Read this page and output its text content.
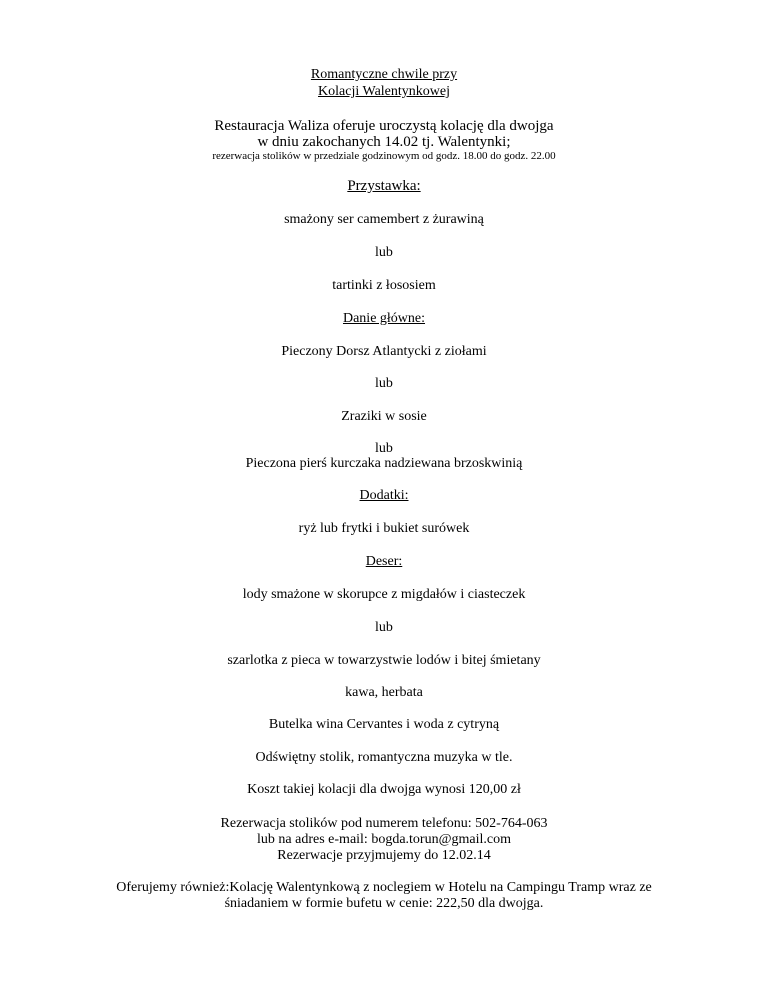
Romantyczne chwile przy
Kolacji Walentynkowej
Restauracja Waliza oferuje uroczystą kolację dla dwojga
w dniu zakochanych 14.02 tj. Walentynki;
rezerwacja stolików w przedziale godzinowym od godz. 18.00 do godz. 22.00
Przystawka:
smażony ser camembert z żurawiną
lub
tartinki z łososiem
Danie główne:
Pieczony Dorsz Atlantycki z ziołami
lub
Zraziki w sosie
lub
Pieczona pierś kurczaka nadziewana brzoskwinią
Dodatki:
ryż lub frytki i bukiet surówek
Deser:
lody smażone w skorupce z migdałów i ciasteczek
lub
szarlotka z pieca w towarzystwie lodów i bitej śmietany
kawa, herbata
Butelka wina Cervantes i woda z cytryną
Odświętny stolik, romantyczna muzyka w tle.
Koszt takiej kolacji dla dwojga wynosi 120,00 zł
Rezerwacja stolików pod numerem telefonu: 502-764-063
lub na adres e-mail: bogda.torun@gmail.com
Rezerwacje przyjmujemy do 12.02.14
Oferujemy również:Kolację Walentynkową z noclegiem w Hotelu na Campingu Tramp wraz ze
śniadaniem w formie bufetu w cenie: 222,50 dla dwojga.
